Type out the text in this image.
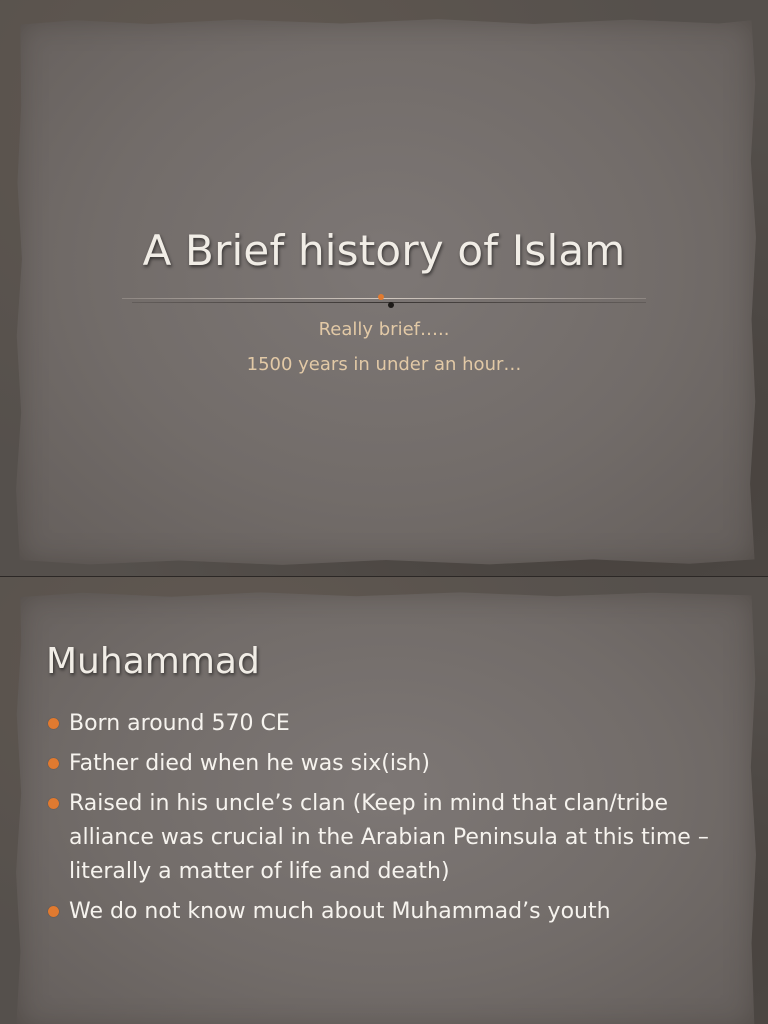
A Brief history of Islam

Really brief…..

1500 years in under an hour…

Muhammad
Born around 570 CE
Father died when he was six(ish)
Raised in his uncle’s clan (Keep in mind that clan/tribe alliance was crucial in the Arabian Peninsula at this time – literally a matter of life and death)
We do not know much about Muhammad’s youth
